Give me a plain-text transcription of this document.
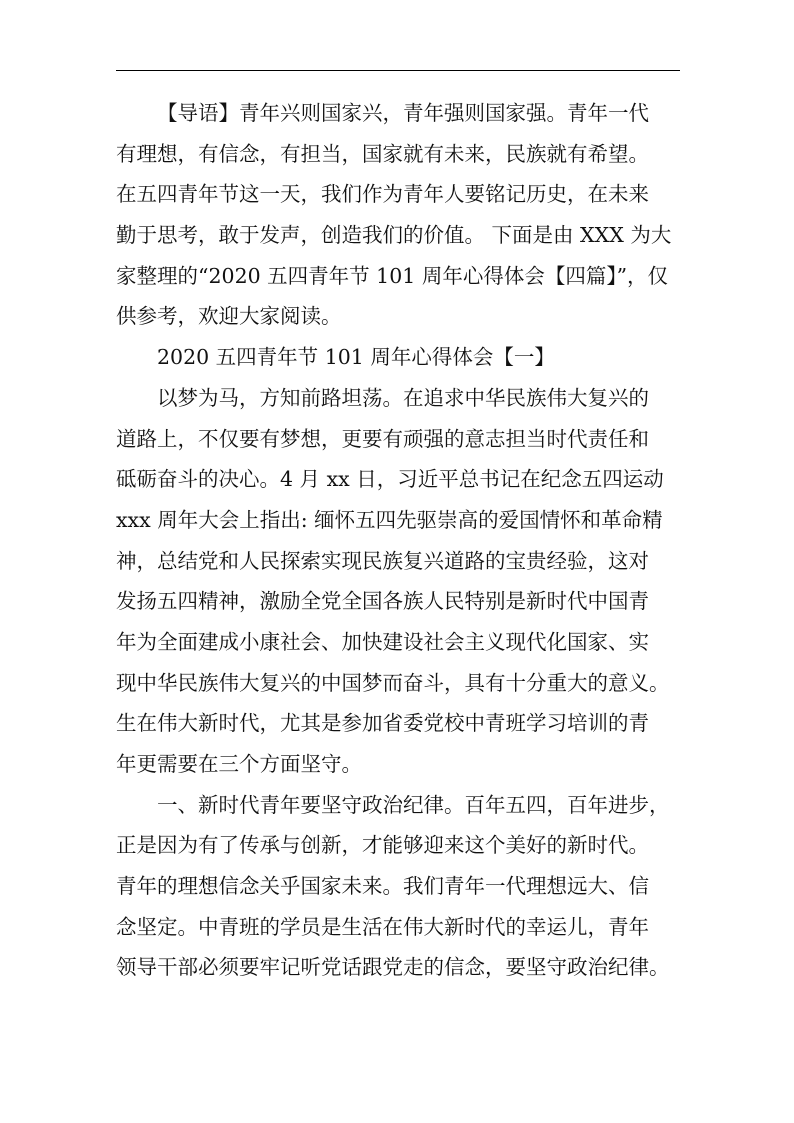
【导语】青年兴则国家兴，青年强则国家强。青年一代
有理想，有信念，有担当，国家就有未来，民族就有希望。
在五四青年节这一天，我们作为青年人要铭记历史，在未来
勤于思考，敢于发声，创造我们的价值。 下面是由 XXX 为大
家整理的“2020 五四青年节 101 周年心得体会【四篇】”，仅
供参考，欢迎大家阅读。
2020 五四青年节 101 周年心得体会【一】
以梦为马，方知前路坦荡。在追求中华民族伟大复兴的
道路上，不仅要有梦想，更要有顽强的意志担当时代责任和
砥砺奋斗的决心。4 月 xx 日，习近平总书记在纪念五四运动
xxx 周年大会上指出: 缅怀五四先驱崇高的爱国情怀和革命精
神，总结党和人民探索实现民族复兴道路的宝贵经验，这对
发扬五四精神，激励全党全国各族人民特别是新时代中国青
年为全面建成小康社会、加快建设社会主义现代化国家、实
现中华民族伟大复兴的中国梦而奋斗，具有十分重大的意义。
生在伟大新时代，尤其是参加省委党校中青班学习培训的青
年更需要在三个方面坚守。
一、新时代青年要坚守政治纪律。百年五四，百年进步，
正是因为有了传承与创新，才能够迎来这个美好的新时代。
青年的理想信念关乎国家未来。我们青年一代理想远大、信
念坚定。中青班的学员是生活在伟大新时代的幸运儿，青年
领导干部必须要牢记听党话跟党走的信念，要坚守政治纪律。
